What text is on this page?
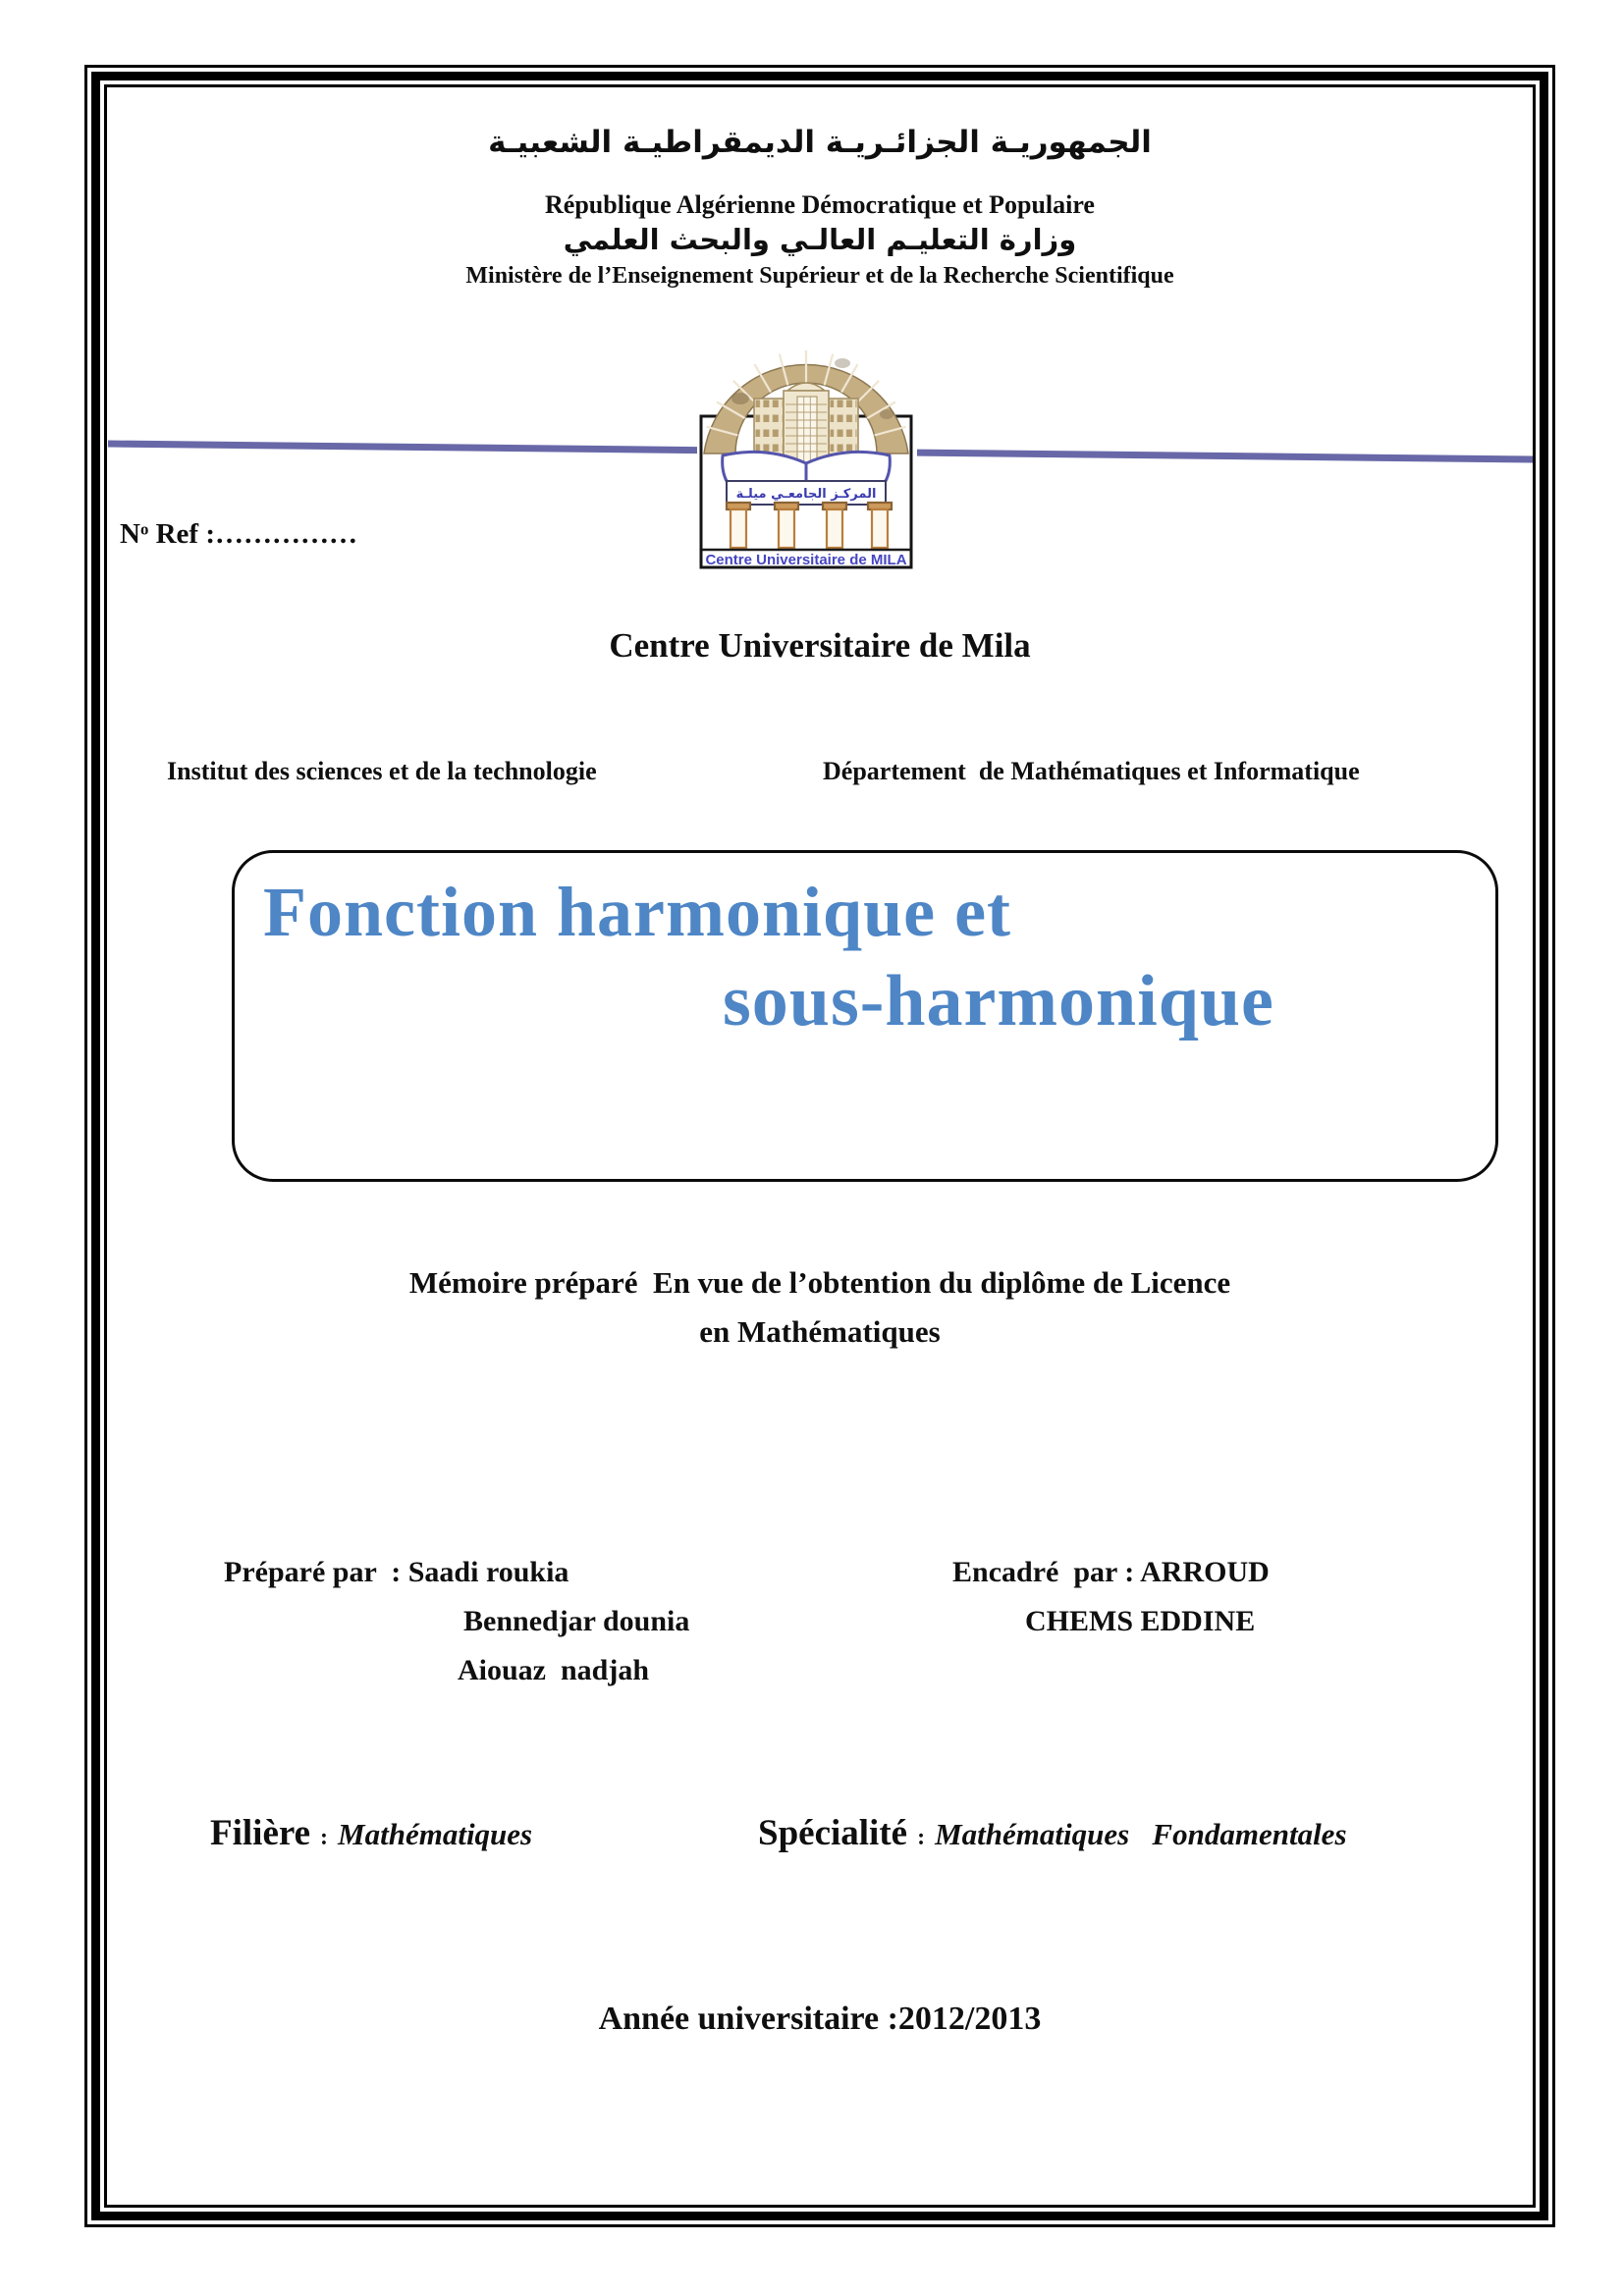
الجمهوريـة الجزائـريـة الديمقراطيـة الشعبيـة
République Algérienne Démocratique et Populaire
وزارة التعليـم العالـي والبحث العلمي
Ministère de l’Enseignement Supérieur et de la Recherche Scientifique
المركـز الجامعـي ميلـة
Centre Universitaire de MILA
$N^o$ Ref :……………
Centre Universitaire de Mila
Institut des sciences et de la technologie	Département  de Mathématiques et Informatique
Fonction harmonique et
sous-harmonique
Mémoire préparé  En vue de l’obtention du diplôme de Licence
en Mathématiques
Préparé par  : Saadi roukia	Encadré  par : ARROUD
Bennedjar dounia	CHEMS EDDINE
Aiouaz  nadjah
Filière : Mathématiques	Spécialité : Mathématiques   Fondamentales
Année universitaire :2012/2013
